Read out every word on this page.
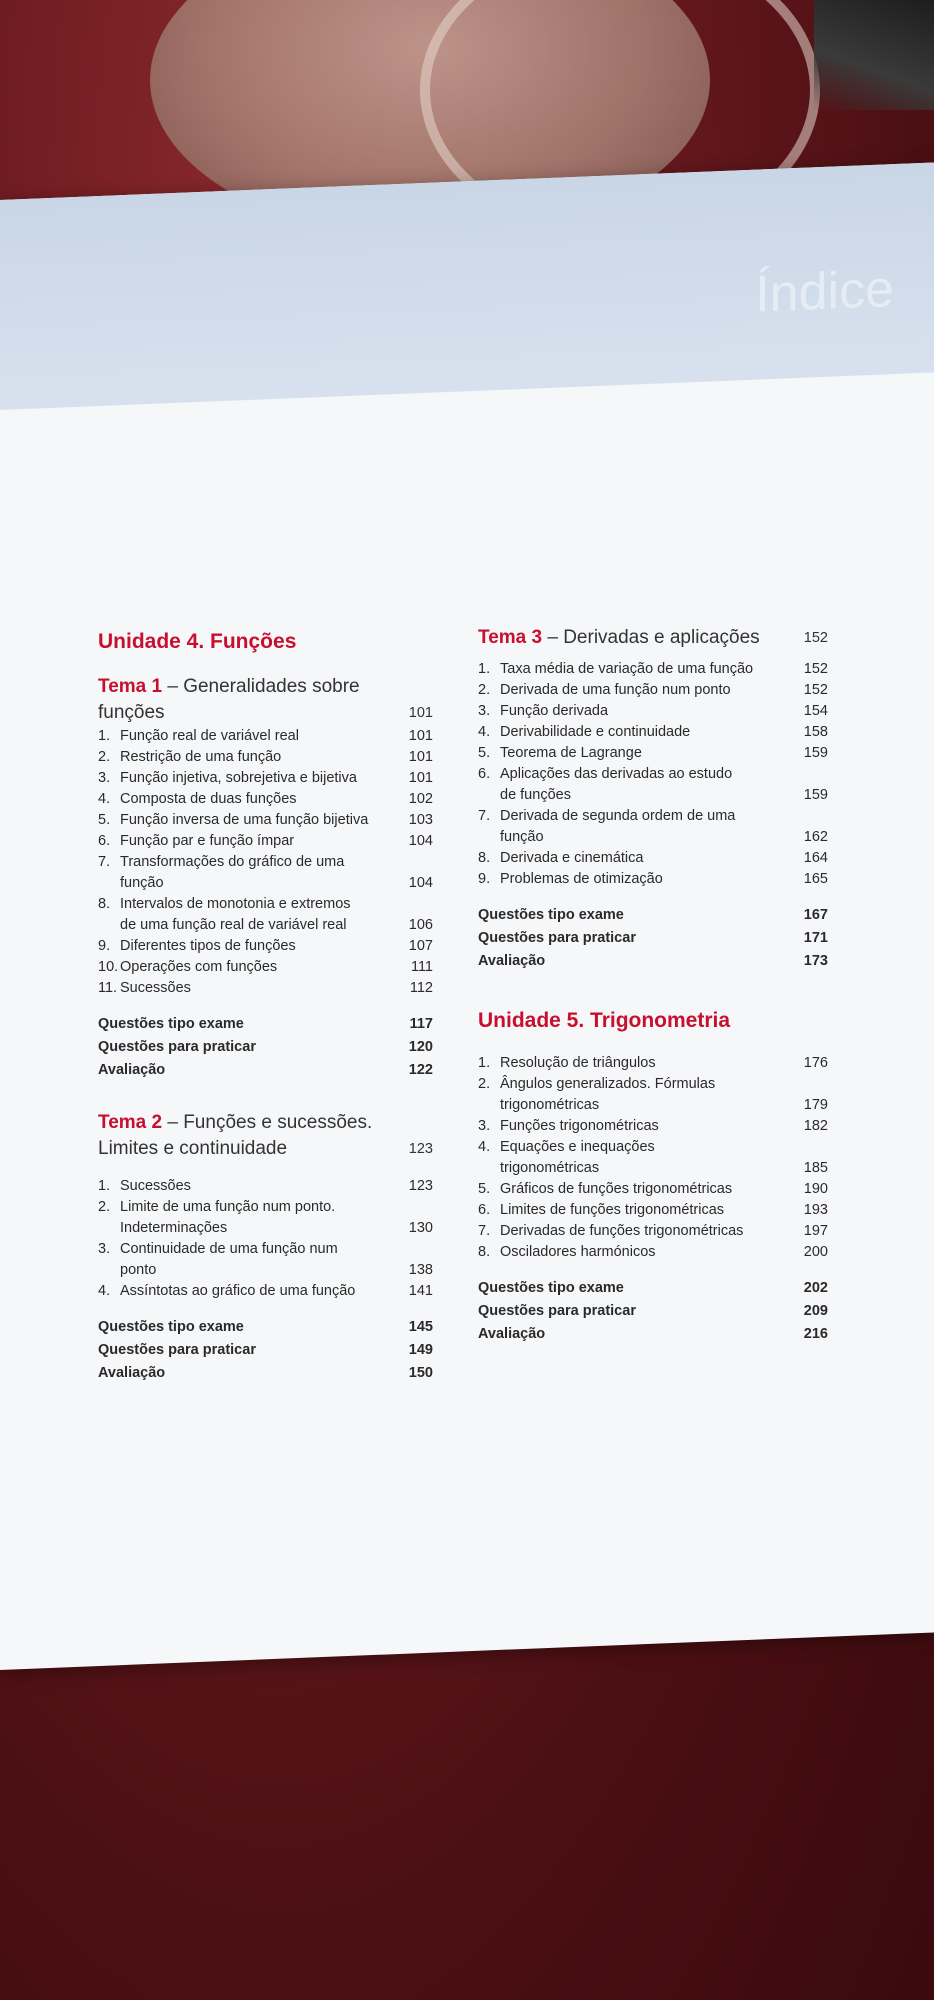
Índice
Unidade 4. Funções
Tema 1 – Generalidades sobre
funções	101
1. Função real de variável real	101
2. Restrição de uma função	101
3. Função injetiva, sobrejetiva e bijetiva	101
4. Composta de duas funções	102
5. Função inversa de uma função bijetiva	103
6. Função par e função ímpar	104
7. Transformações do gráfico de uma
função	104
8. Intervalos de monotonia e extremos
de uma função real de variável real	106
9. Diferentes tipos de funções	107
10. Operações com funções	111
11. Sucessões	112
Questões tipo exame	117
Questões para praticar	120
Avaliação	122
Tema 2 – Funções e sucessões.
Limites e continuidade	123
1. Sucessões	123
2. Limite de uma função num ponto.
Indeterminações	130
3. Continuidade de uma função num
ponto	138
4. Assíntotas ao gráfico de uma função	141
Questões tipo exame	145
Questões para praticar	149
Avaliação	150
Tema 3 – Derivadas e aplicações	152
1. Taxa média de variação de uma função	152
2. Derivada de uma função num ponto	152
3. Função derivada	154
4. Derivabilidade e continuidade	158
5. Teorema de Lagrange	159
6. Aplicações das derivadas ao estudo
de funções	159
7. Derivada de segunda ordem de uma
função	162
8. Derivada e cinemática	164
9. Problemas de otimização	165
Questões tipo exame	167
Questões para praticar	171
Avaliação	173
Unidade 5. Trigonometria
1. Resolução de triângulos	176
2. Ângulos generalizados. Fórmulas
trigonométricas	179
3. Funções trigonométricas	182
4. Equações e inequações
trigonométricas	185
5. Gráficos de funções trigonométricas	190
6. Limites de funções trigonométricas	193
7. Derivadas de funções trigonométricas	197
8. Osciladores harmónicos	200
Questões tipo exame	202
Questões para praticar	209
Avaliação	216
